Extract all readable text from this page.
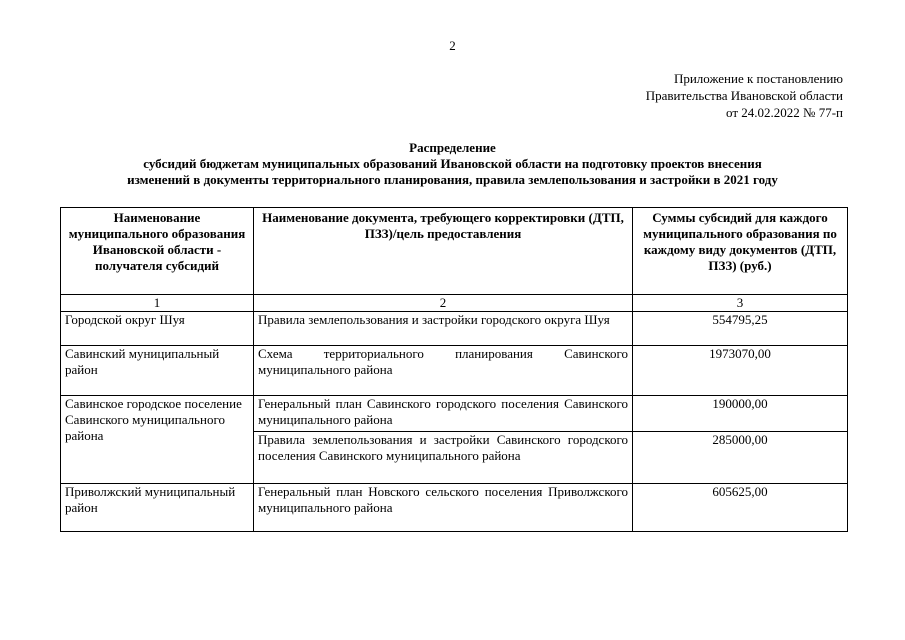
2
Приложение к постановлению
Правительства Ивановской области
от 24.02.2022 № 77-п
Распределение
субсидий бюджетам муниципальных образований Ивановской области на подготовку проектов внесения
изменений в документы территориального планирования, правила землепользования и застройки в 2021 году
Наименование муниципального образования Ивановской области - получателя субсидий	Наименование документа, требующего корректировки (ДТП, ПЗЗ)/цель предоставления	Суммы субсидий для каждого муниципального образования по каждому виду документов (ДТП, ПЗЗ) (руб.)
1	2	3
Городской округ Шуя	Правила землепользования и застройки городского округа Шуя	554795,25
Савинский муниципальный район	Схема территориального планирования Савинского муниципального района	1973070,00
Савинское городское поселение Савинского муниципального района	Генеральный план Савинского городского поселения Савинского муниципального района	190000,00
	Правила землепользования и застройки Савинского городского поселения Савинского муниципального района	285000,00
Приволжский муниципальный район	Генеральный план Новского сельского поселения Приволжского муниципального района	605625,00
